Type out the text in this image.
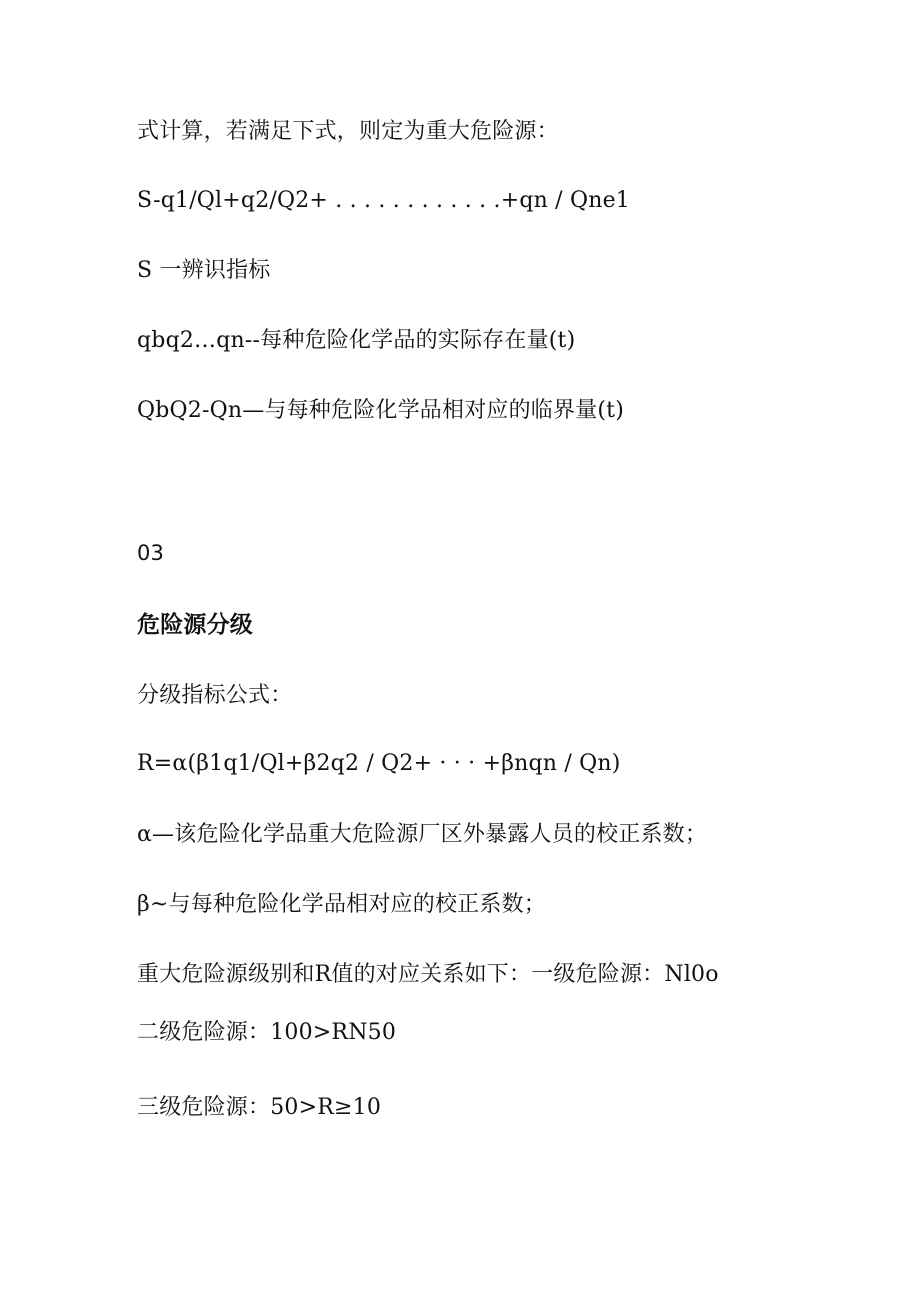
式计算，若满足下式，则定为重大危险源：
S-q1/Ql+q2/Q2+ . . . . . . . . . . . .+qn / Qne1
S 一辨识指标
qbq2…qn--每种危险化学品的实际存在量(t)
QbQ2-Qn—与每种危险化学品相对应的临界量(t)
03
危险源分级
分级指标公式：
R=α(β1q1/Ql+β2q2 / Q2+ · · · +βnqn / Qn)
α—该危险化学品重大危险源厂区外暴露人员的校正系数；
β~与每种危险化学品相对应的校正系数；
重大危险源级别和R值的对应关系如下：一级危险源：Nl0o
二级危险源：100>RN50
三级危险源：50>R≥10
